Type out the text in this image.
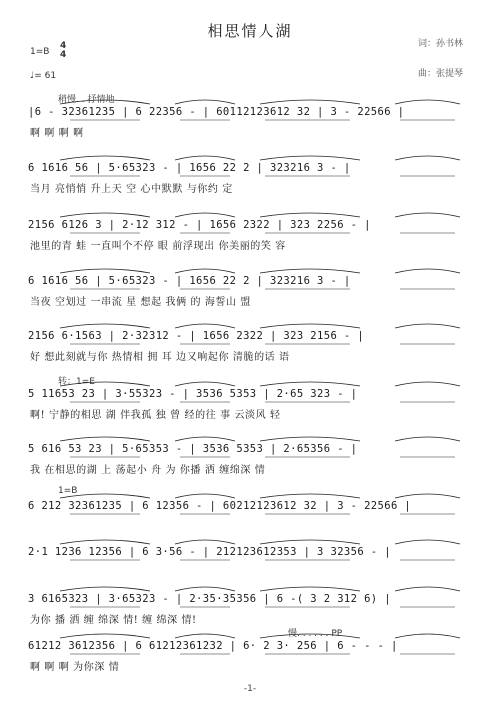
相思情人湖
1=B
4
4
♩= 61
词：孙书林
曲：张提琴
稍慢. . 抒情地
|6 - 32361235 | 6 22356 - | 60112123612 32 | 3 - 22566 |
啊 啊 啊 啊
6 1616 56 | 5·65323 - | 1656 22 2 | 323216 3 - |
当月 亮悄悄 升上天 空 心中默默 与你约 定
2156 6126 3 | 2·12 312 - | 1656 2322 | 323 2256 - |
池里的青 蛙 一直叫个不停 眼 前浮现出 你美丽的笑 容
6 1616 56 | 5·65323 - | 1656 22 2 | 323216 3 - |
当夜 空划过 一串流 星 想起 我俩 的 海誓山 盟
2156 6·1563 | 2·32312 - | 1656 2322 | 323 2156 - |
好 想此刻就与你 热情相 拥 耳 边又响起你 清脆的话 语
转：1=E
5 11653 23 | 3·55323 - | 3536 5353 | 2·65 323 - |
啊! 宁静的相思 湖 伴我孤 独 曾 经的往 事 云淡风 轻
5 616 53 23 | 5·65353 - | 3536 5353 | 2·65356 - |
我 在相思的湖 上 荡起小 舟 为 你播 洒 缠绵深 情
1=B
6 212 32361235 | 6 12356 - | 60212123612 32 | 3 - 22566 |
2·1 1236 12356 | 6 3·56 - | 212123612353 | 3 32356 - |
3 6165323 | 3·65323 - | 2·35·35356 | 6 -( 3 2 312 6) |
为你 播 洒 缠 绵深 情! 缠 绵深 情!
慢. . . . . . PP
61212 3612356 | 6 61212361232 | 6· 2 3· 256 | 6 - - - |
啊 啊 啊 为你深 情
-1-
